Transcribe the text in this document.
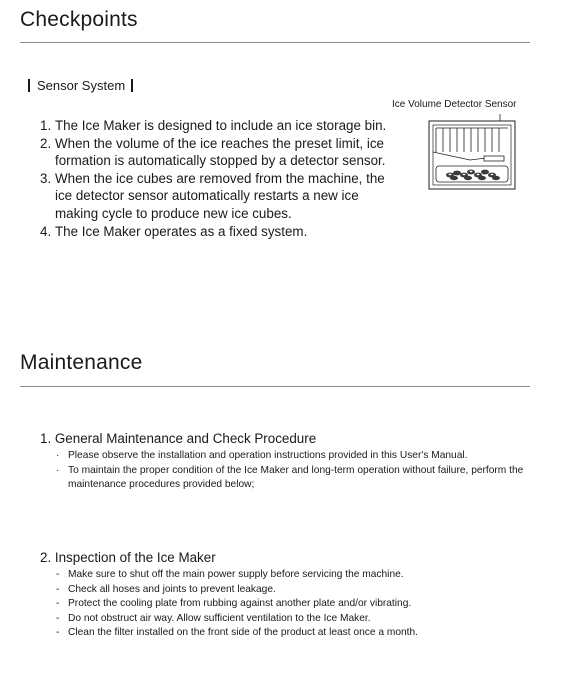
Checkpoints
Sensor System
1. The Ice Maker is designed to include an ice storage bin.
2. When the volume of the ice reaches the preset limit, ice formation is automatically stopped by a detector sensor.
3. When the ice cubes are removed from the machine, the ice detector sensor automatically restarts a new ice making cycle to produce new ice cubes.
4. The Ice Maker operates as a fixed system.
Ice Volume Detector Sensor
Maintenance
1. General Maintenance and Check Procedure
· Please observe the installation and operation instructions provided in this User's Manual.
· To maintain the proper condition of the Ice Maker and long-term operation without failure, perform the maintenance procedures provided below;
2. Inspection of the Ice Maker
- Make sure to shut off the main power supply before servicing the machine.
- Check all hoses and joints to prevent leakage.
- Protect the cooling plate from rubbing against another plate and/or vibrating.
- Do not obstruct air way. Allow sufficient ventilation to the Ice Maker.
- Clean the filter installed on the front side of the product at least once a month.
